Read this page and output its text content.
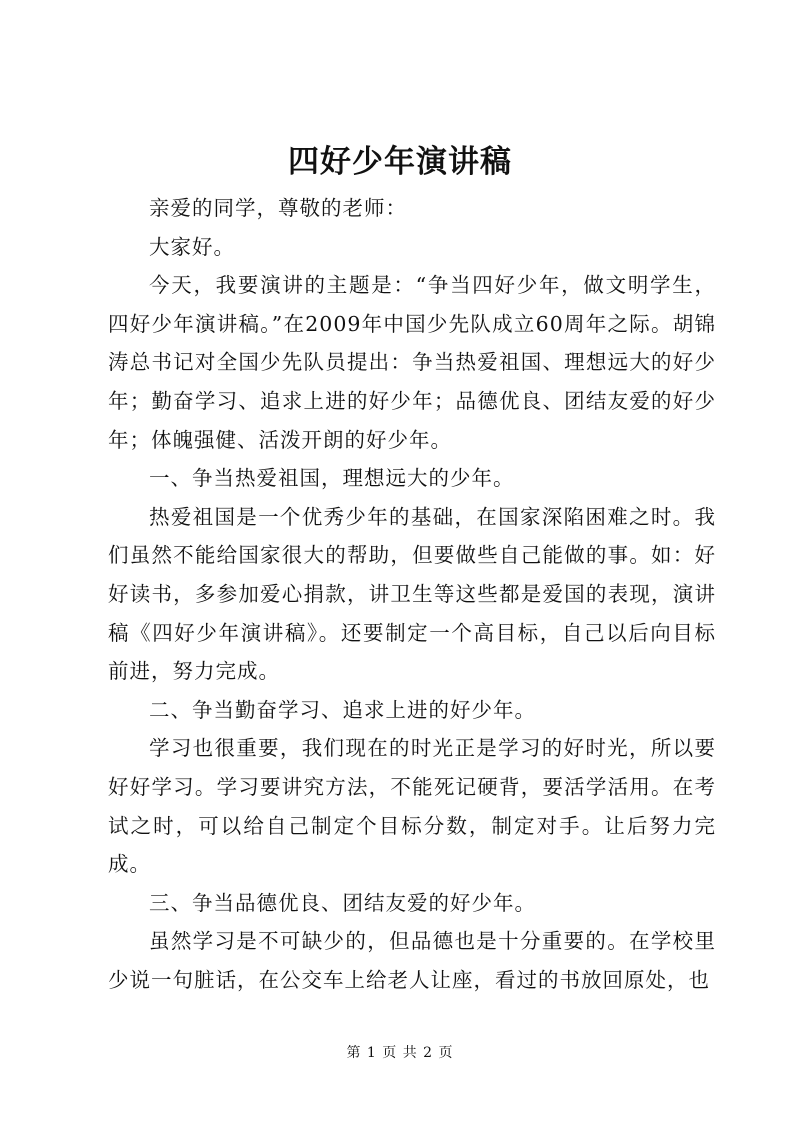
四好少年演讲稿

亲爱的同学，尊敬的老师：

大家好。

今天，我要演讲的主题是：“争当四好少年，做文明学生，四好少年演讲稿。”在2009年中国少先队成立60周年之际。胡锦涛总书记对全国少先队员提出：争当热爱祖国、理想远大的好少年；勤奋学习、追求上进的好少年；品德优良、团结友爱的好少年；体魄强健、活泼开朗的好少年。

一、争当热爱祖国，理想远大的少年。

热爱祖国是一个优秀少年的基础，在国家深陷困难之时。我们虽然不能给国家很大的帮助，但要做些自己能做的事。如：好好读书，多参加爱心捐款，讲卫生等这些都是爱国的表现，演讲稿《四好少年演讲稿》。还要制定一个高目标，自己以后向目标前进，努力完成。

二、争当勤奋学习、追求上进的好少年。

学习也很重要，我们现在的时光正是学习的好时光，所以要好好学习。学习要讲究方法，不能死记硬背，要活学活用。在考试之时，可以给自己制定个目标分数，制定对手。让后努力完成。

三、争当品德优良、团结友爱的好少年。

虽然学习是不可缺少的，但品德也是十分重要的。在学校里少说一句脏话，在公交车上给老人让座，看过的书放回原处，也

第 1 页 共 2 页
